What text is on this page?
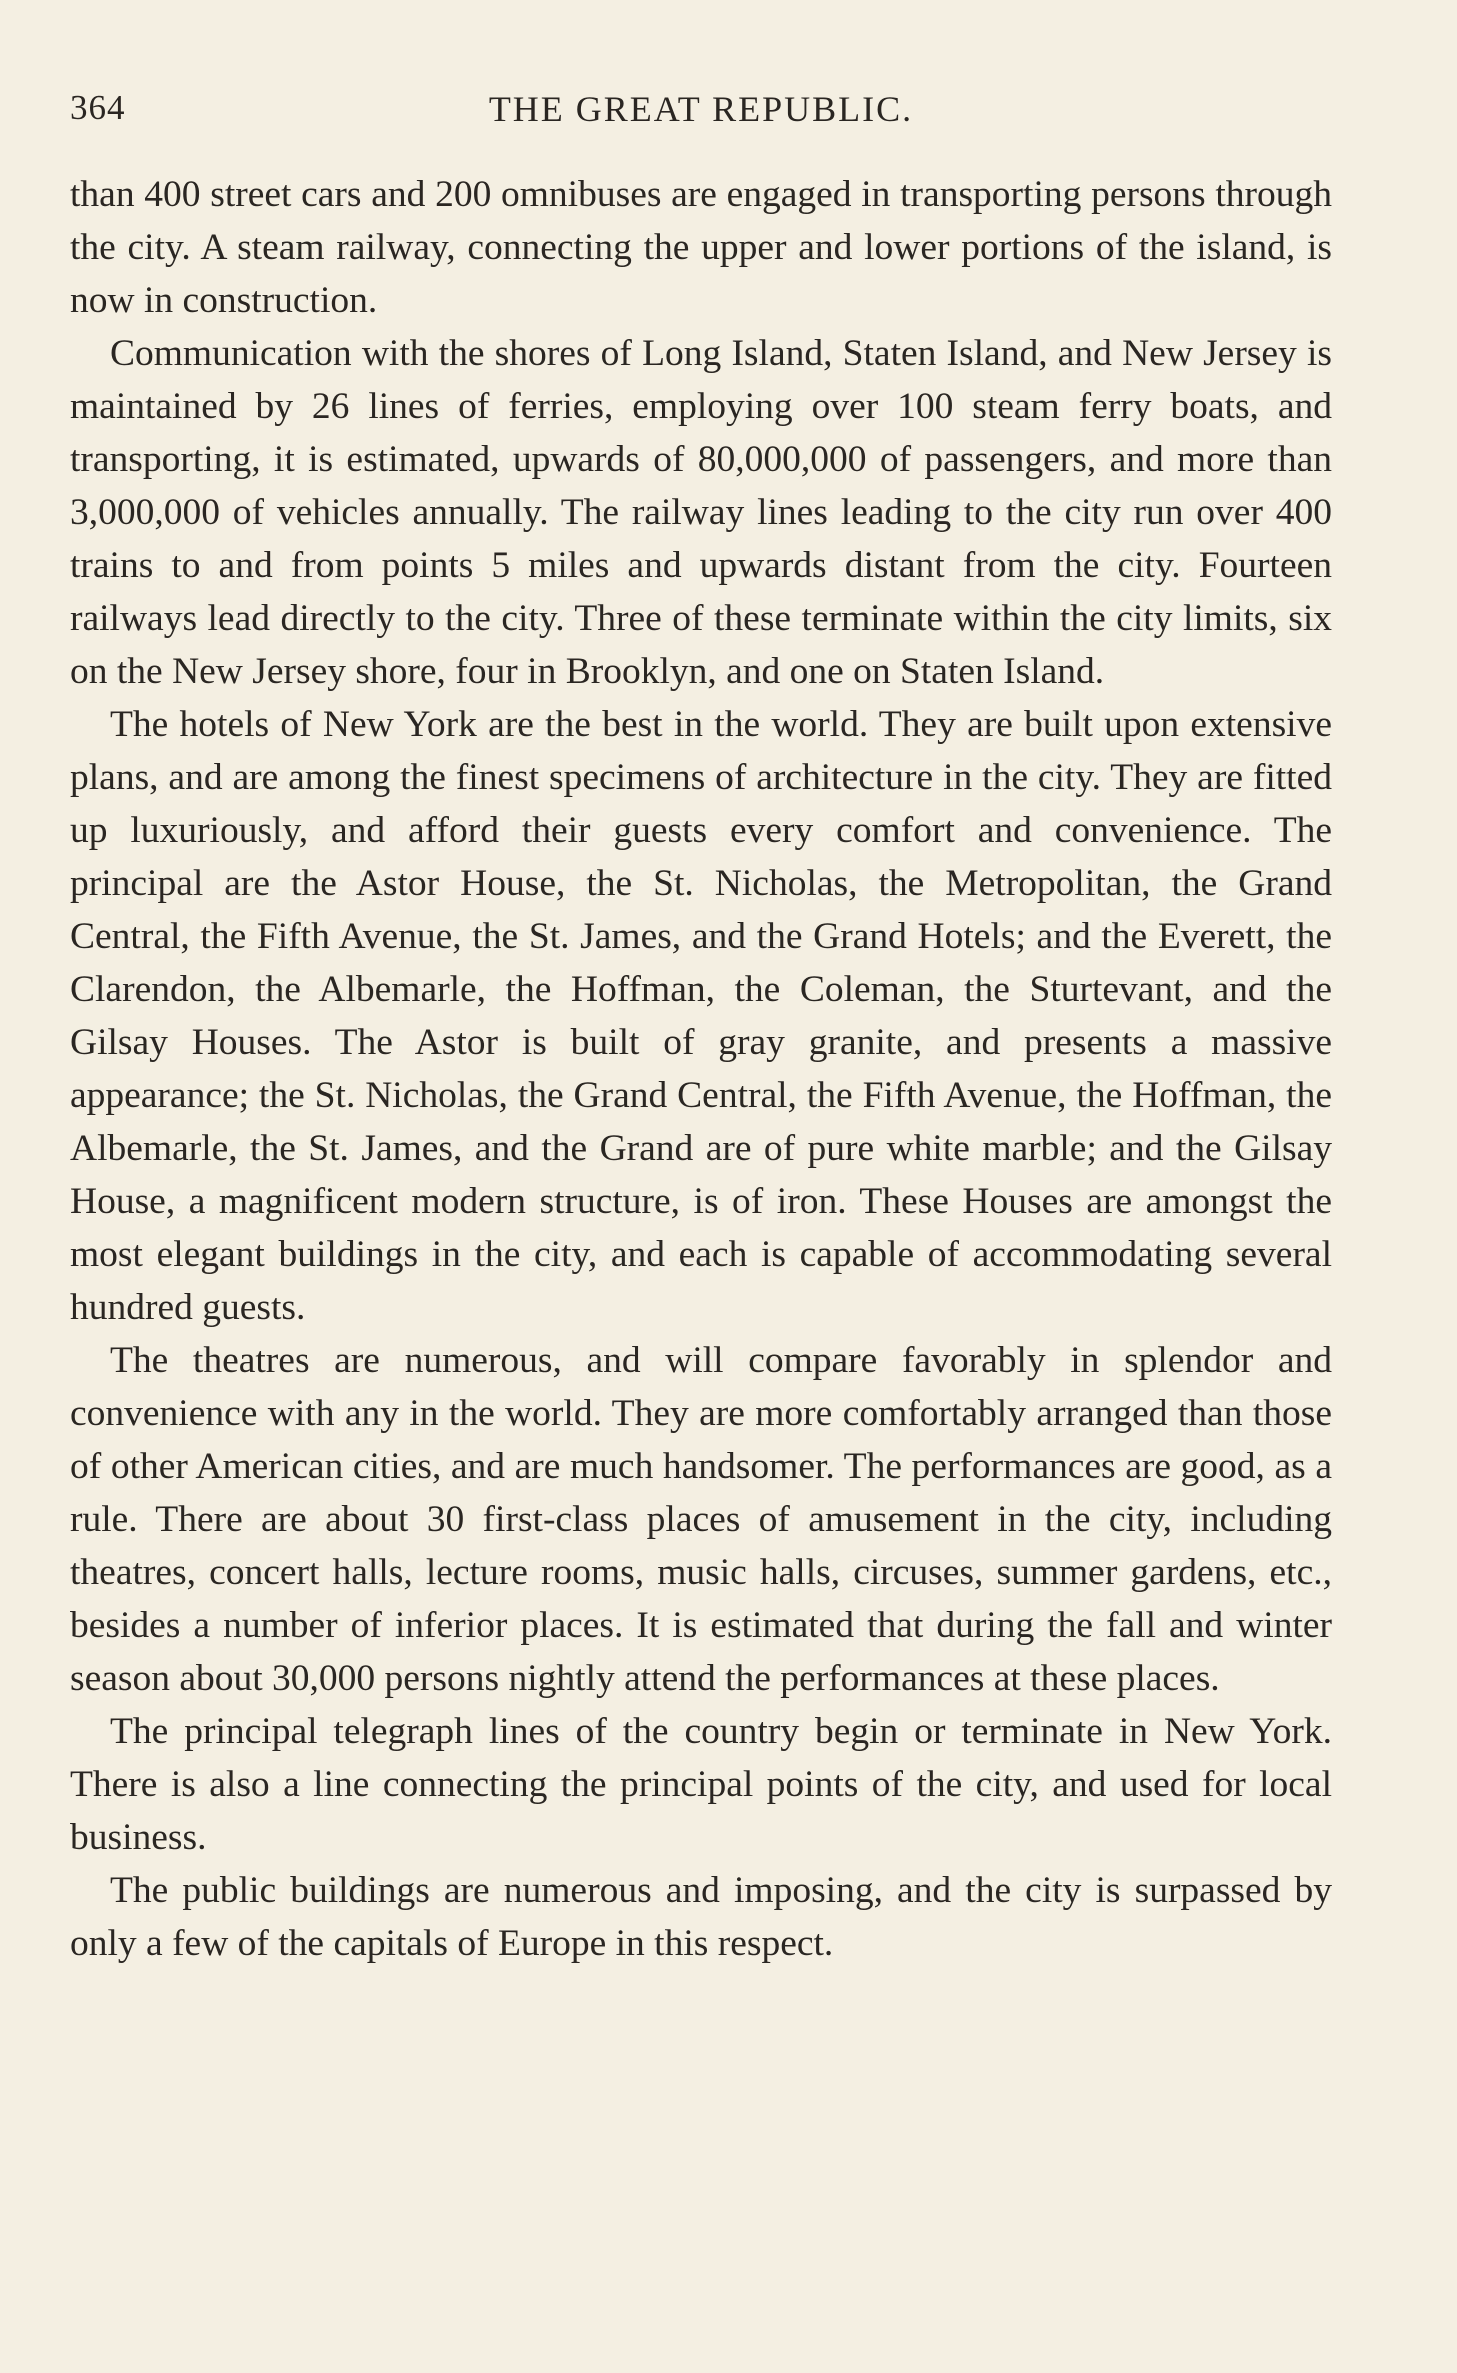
364	THE GREAT REPUBLIC.

than 400 street cars and 200 omnibuses are engaged in transporting persons through the city. A steam railway, connecting the upper and lower portions of the island, is now in construction.

Communication with the shores of Long Island, Staten Island, and New Jersey is maintained by 26 lines of ferries, employing over 100 steam ferry boats, and transporting, it is estimated, upwards of 80,000,000 of passengers, and more than 3,000,000 of vehicles annually. The railway lines leading to the city run over 400 trains to and from points 5 miles and upwards distant from the city. Fourteen railways lead directly to the city. Three of these terminate within the city limits, six on the New Jersey shore, four in Brooklyn, and one on Staten Island.

The hotels of New York are the best in the world. They are built upon extensive plans, and are among the finest specimens of architecture in the city. They are fitted up luxuriously, and afford their guests every comfort and convenience. The principal are the Astor House, the St. Nicholas, the Metropolitan, the Grand Central, the Fifth Avenue, the St. James, and the Grand Hotels; and the Everett, the Clarendon, the Albemarle, the Hoffman, the Coleman, the Sturtevant, and the Gilsay Houses. The Astor is built of gray granite, and presents a massive appearance; the St. Nicholas, the Grand Central, the Fifth Avenue, the Hoffman, the Albemarle, the St. James, and the Grand are of pure white marble; and the Gilsay House, a magnificent modern structure, is of iron. These Houses are amongst the most elegant buildings in the city, and each is capable of accommodating several hundred guests.

The theatres are numerous, and will compare favorably in splendor and convenience with any in the world. They are more comfortably arranged than those of other American cities, and are much handsomer. The performances are good, as a rule. There are about 30 first-class places of amusement in the city, including theatres, concert halls, lecture rooms, music halls, circuses, summer gardens, etc., besides a number of inferior places. It is estimated that during the fall and winter season about 30,000 persons nightly attend the performances at these places.

The principal telegraph lines of the country begin or terminate in New York. There is also a line connecting the principal points of the city, and used for local business.

The public buildings are numerous and imposing, and the city is surpassed by only a few of the capitals of Europe in this respect.
